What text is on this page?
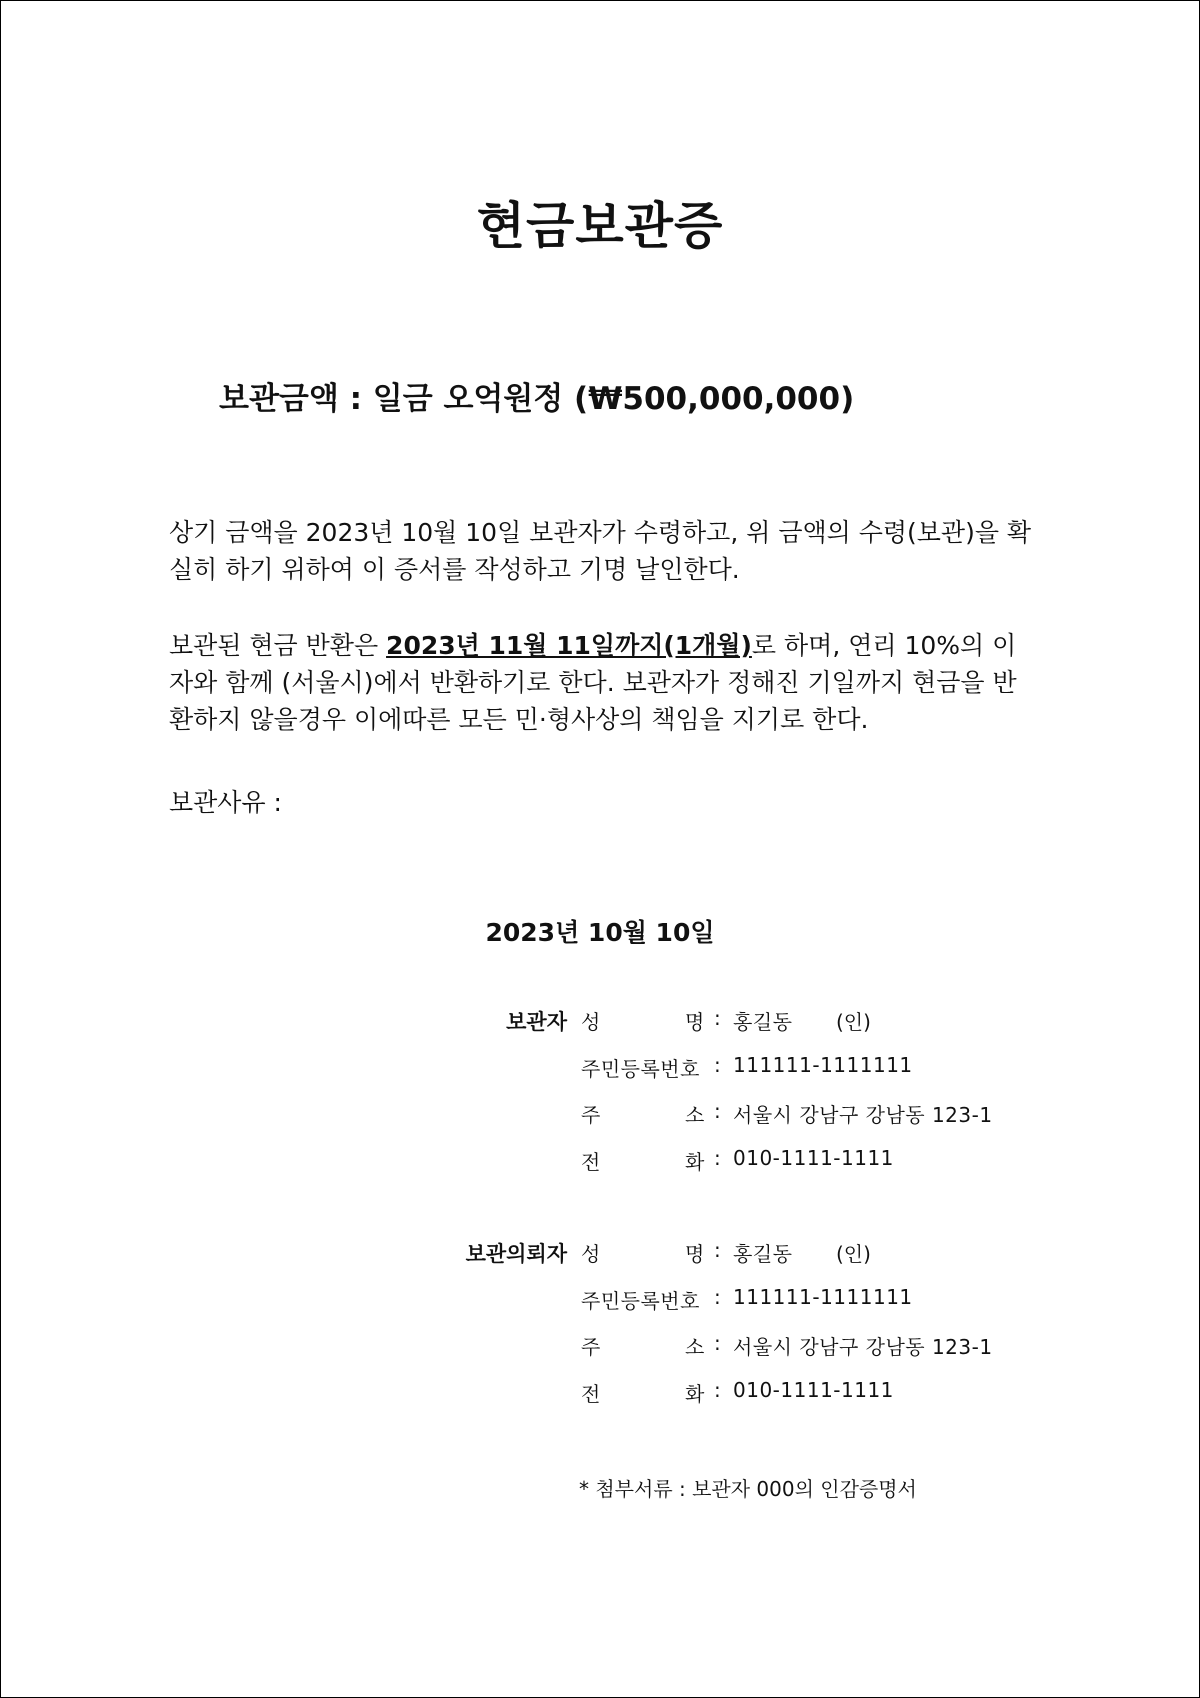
현금보관증
보관금액 : 일금 오억원정 (₩500,000,000)

상기 금액을 2023년 10월 10일 보관자가 수령하고, 위 금액의 수령(보관)을 확실히 하기 위하여 이 증서를 작성하고 기명 날인한다.

보관된 현금 반환은 2023년 11월 11일까지(1개월)로 하며, 연리 10%의 이자와 함께 (서울시)에서 반환하기로 한다. 보관자가 정해진 기일까지 현금을 반환하지 않을경우 이에따른 모든 민·형사상의 책임을 지기로 한다.

보관사유 :
2023년 10월 10일
보관자 성	명 : 홍길동 (인)
주민등록번호 : 111111-1111111
주	소 : 서울시 강남구 강남동 123-1
전	화 : 010-1111-1111
보관의뢰자 성	명 : 홍길동 (인)
주민등록번호 : 111111-1111111
주	소 : 서울시 강남구 강남동 123-1
전	화 : 010-1111-1111
* 첨부서류 : 보관자 000의 인감증명서
